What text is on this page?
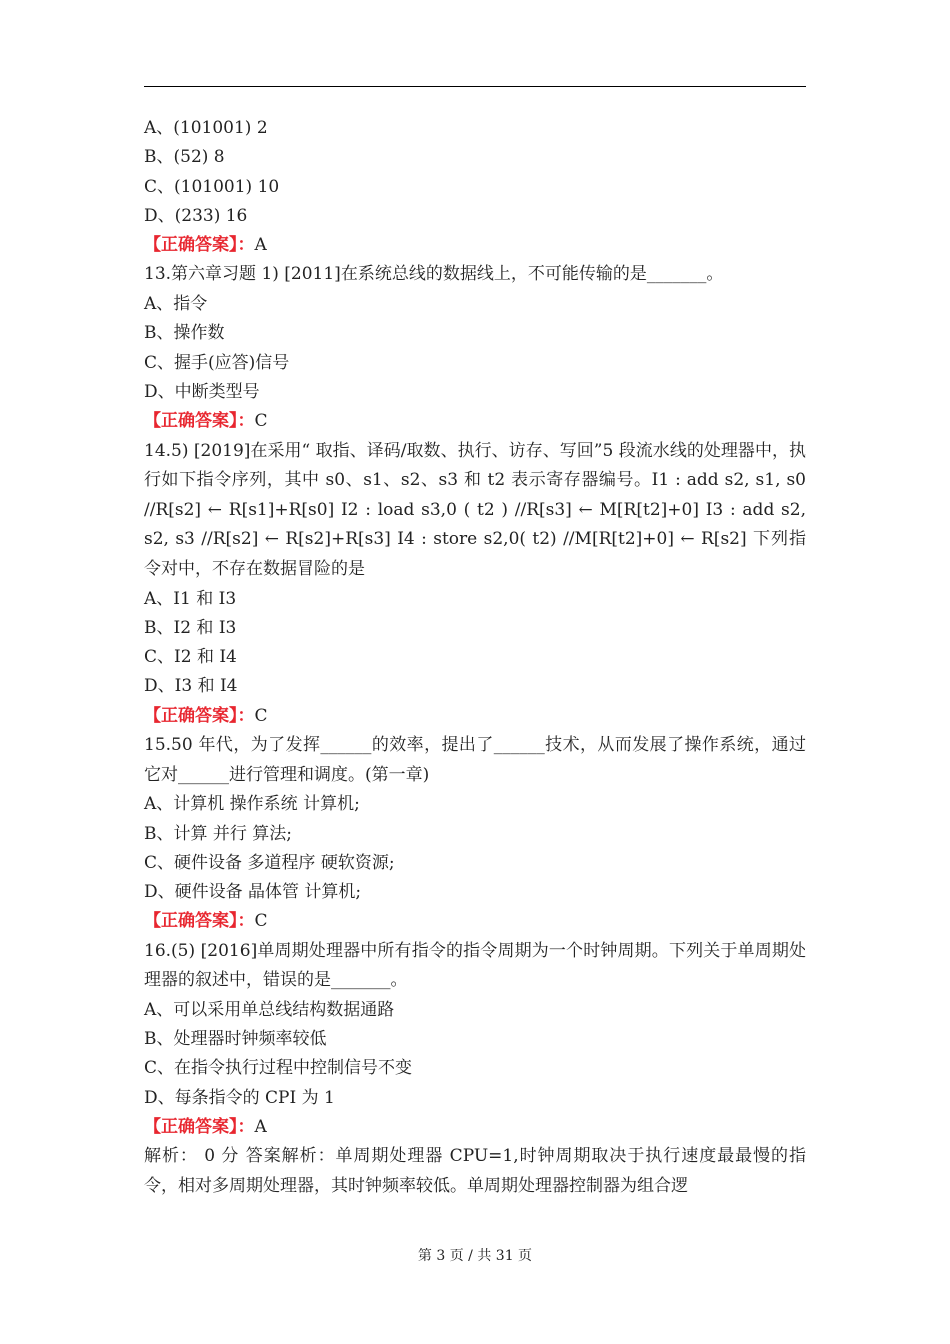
A、(101001) 2
B、(52) 8
C、(101001) 10
D、(233) 16
【正确答案】：A
13.第六章习题 1) [2011]在系统总线的数据线上，不可能传输的是_______。
A、指令
B、操作数
C、握手(应答)信号
D、中断类型号
【正确答案】：C
14.5) [2019]在采用“ 取指、译码/取数、执行、访存、写回”5 段流水线的处理器中，执行如下指令序列，其中 s0、s1、s2、s3 和 t2 表示寄存器编号。I1 : add s2, s1, s0 //R[s2] ← R[s1]+R[s0] I2 : load s3,0 ( t2 ) //R[s3] ← M[R[t2]+0] I3 : add s2, s2, s3 //R[s2] ← R[s2]+R[s3] I4 : store s2,0( t2) //M[R[t2]+0] ← R[s2] 下列指令对中，不存在数据冒险的是
A、I1 和 I3
B、I2 和 I3
C、I2 和 I4
D、I3 和 I4
【正确答案】：C
15.50 年代，为了发挥______的效率，提出了______技术，从而发展了操作系统，通过它对______进行管理和调度。(第一章)
A、计算机 操作系统 计算机;
B、计算 并行 算法;
C、硬件设备 多道程序 硬软资源;
D、硬件设备 晶体管 计算机;
【正确答案】：C
16.(5) [2016]单周期处理器中所有指令的指令周期为一个时钟周期。下列关于单周期处理器的叙述中，错误的是_______。
A、可以采用单总线结构数据通路
B、处理器时钟频率较低
C、在指令执行过程中控制信号不变
D、每条指令的 CPI 为 1
【正确答案】：A
解析： 0 分 答案解析：单周期处理器 CPU=1,时钟周期取决于执行速度最最慢的指令，相对多周期处理器，其时钟频率较低。单周期处理器控制器为组合逻
第 3 页 / 共 31 页
